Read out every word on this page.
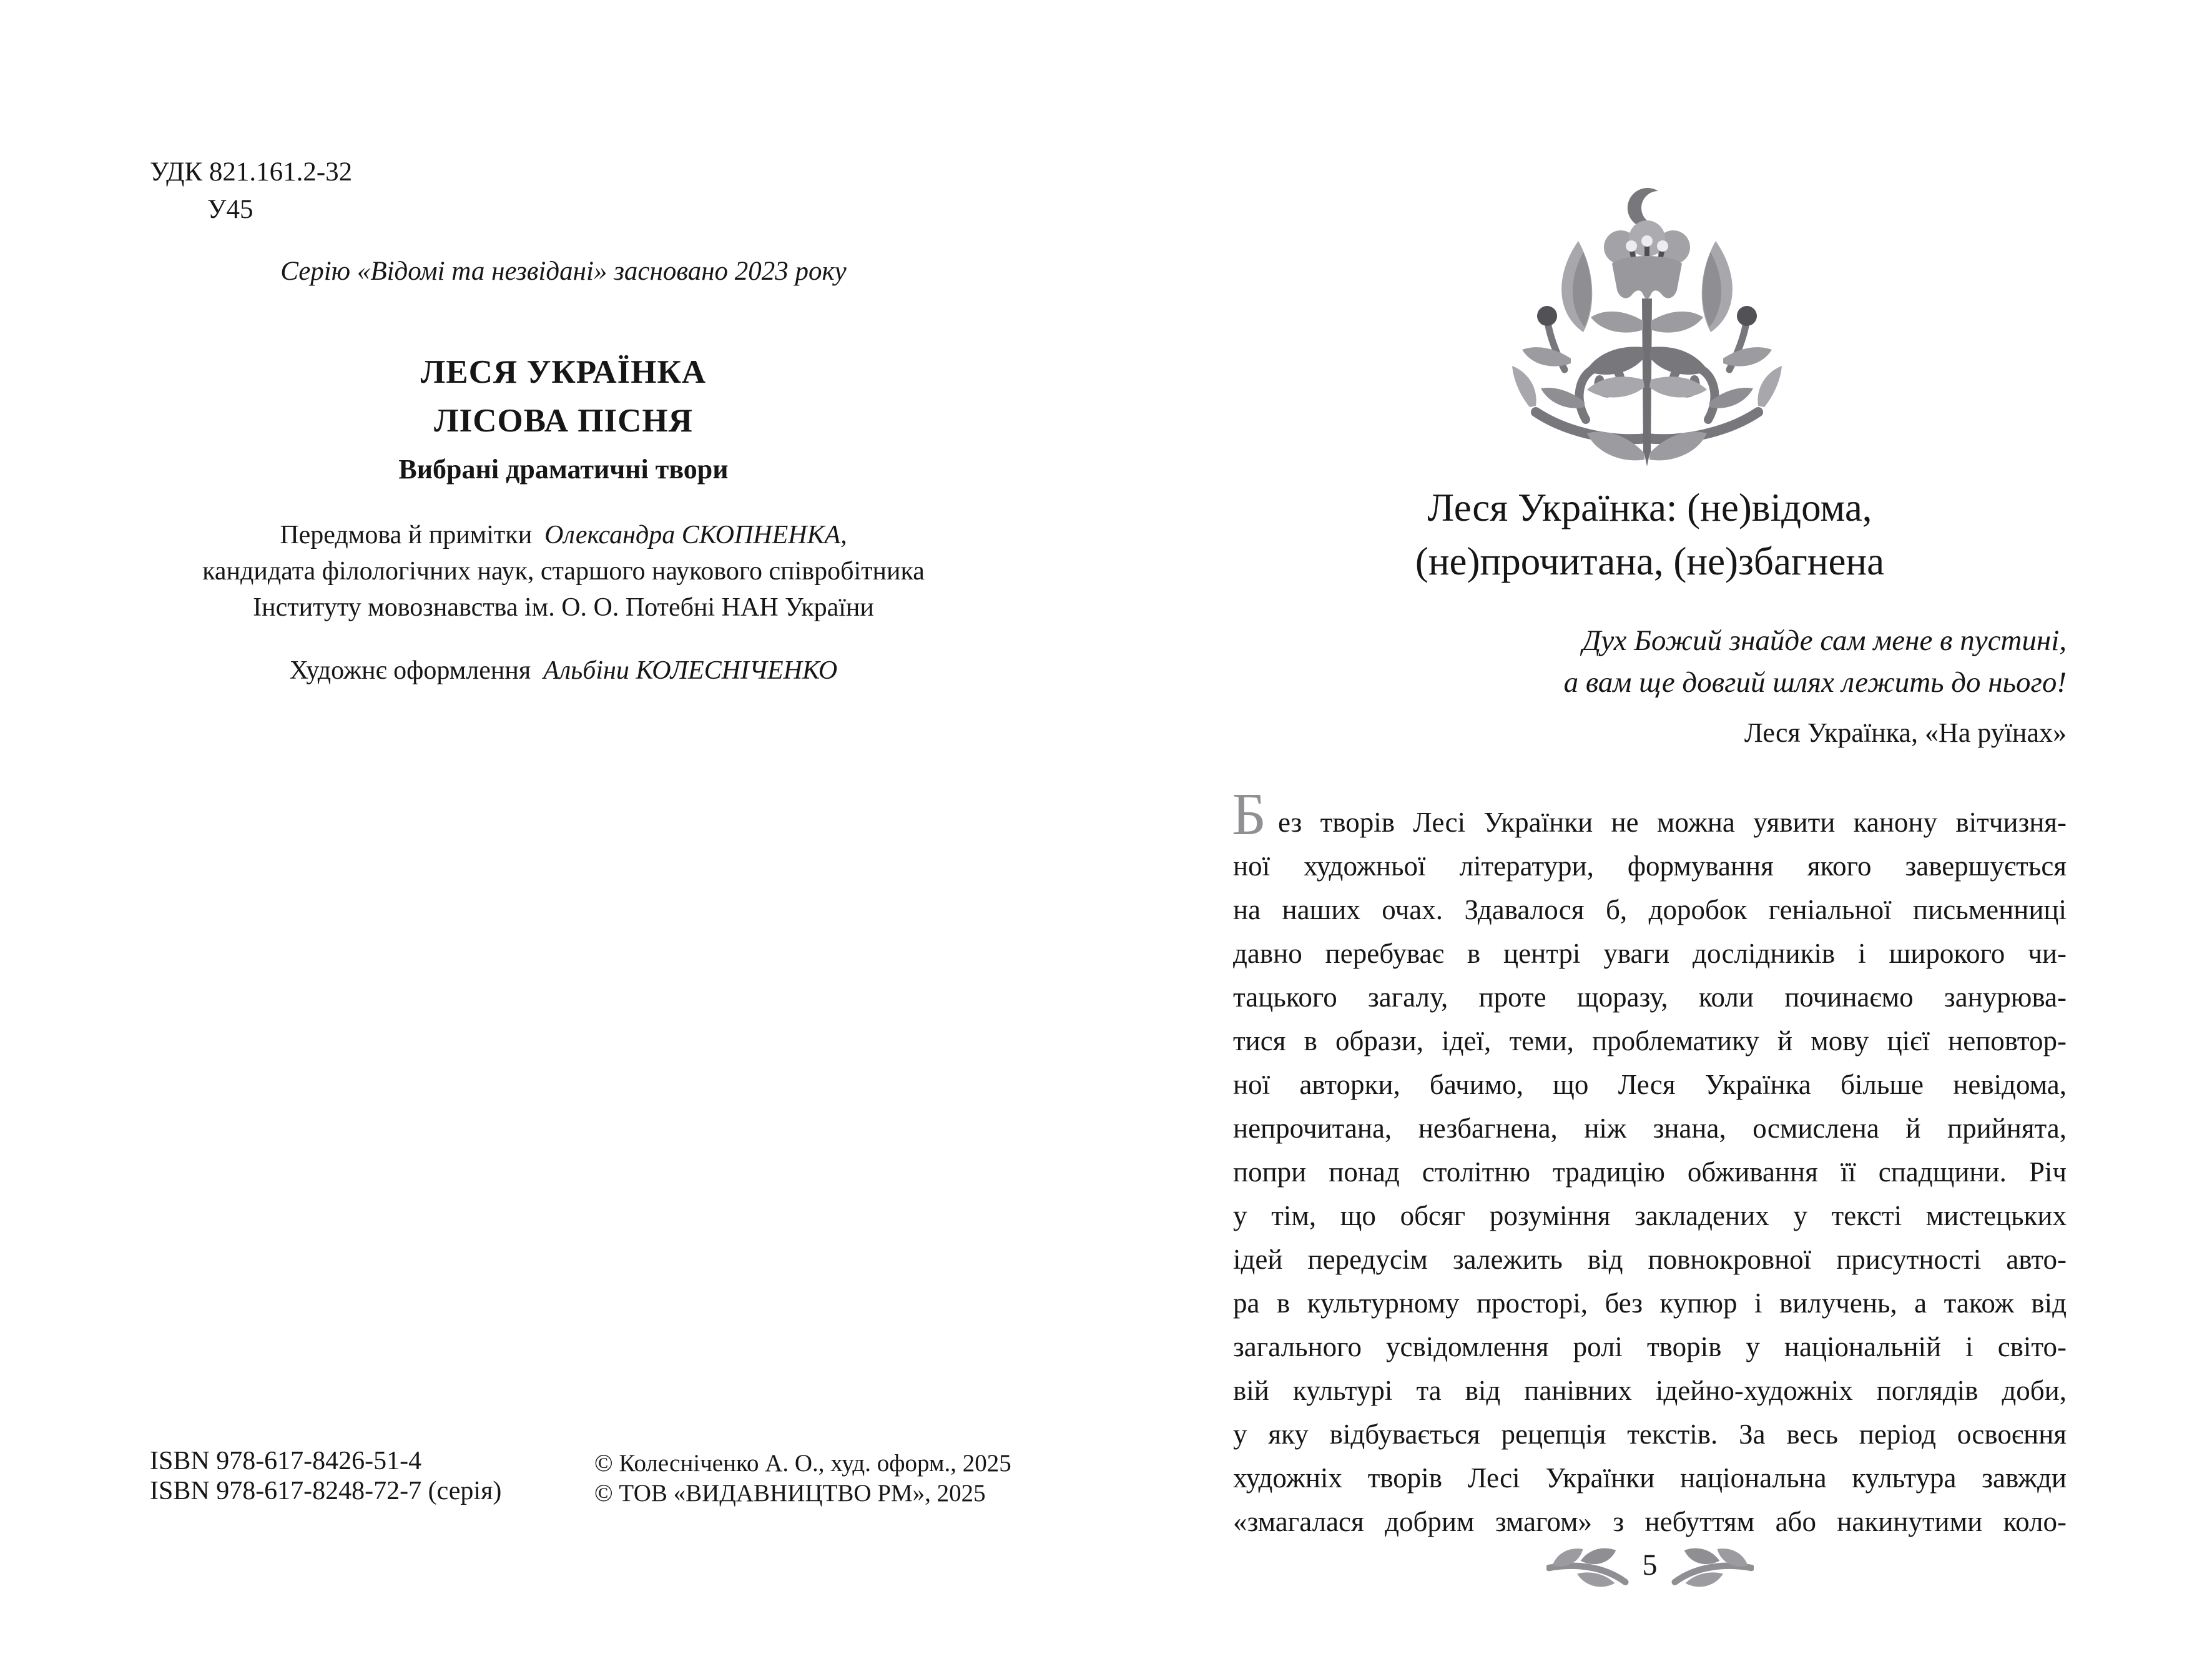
УДК 821.161.2-32
У45
Серію «Відомі та незвідані» засновано 2023 року
ЛЕСЯ УКРАЇНКА
ЛІСОВА ПІСНЯ
Вибрані драматичні твори
Передмова й примітки Олександра СКОПНЕНКА,
кандидата філологічних наук, старшого наукового співробітника
Інституту мовознавства ім. О. О. Потебні НАН України
Художнє оформлення Альбіни КОЛЕСНІЧЕНКО
ISBN 978-617-8426-51-4
ISBN 978-617-8248-72-7 (серія)
© Колесніченко А. О., худ. оформ., 2025
© ТОВ «ВИДАВНИЦТВО РМ», 2025
Леся Українка: (не)відома,
(не)прочитана, (не)збагнена
Дух Божий знайде сам мене в пустині,
а вам ще довгий шлях лежить до нього!
Леся Українка, «На руїнах»
Б ез творів Лесі Українки не можна уявити канону вітчизня-
ної художньої літератури, формування якого завершується
на наших очах. Здавалося б, доробок геніальної письменниці
давно перебуває в центрі уваги дослідників і широкого чи-
тацького загалу, проте щоразу, коли починаємо занурюва-
тися в образи, ідеї, теми, проблематику й мову цієї неповтор-
ної авторки, бачимо, що Леся Українка більше невідома,
непрочитана, незбагнена, ніж знана, осмислена й прийнята,
попри понад столітню традицію обживання її спадщини. Річ
у тім, що обсяг розуміння закладених у тексті мистецьких
ідей передусім залежить від повнокровної присутності авто-
ра в культурному просторі, без купюр і вилучень, а також від
загального усвідомлення ролі творів у національній і світо-
вій культурі та від панівних ідейно-художніх поглядів доби,
у яку відбувається рецепція текстів. За весь період освоєння
художніх творів Лесі Українки національна культура завжди
«змагалася добрим змагом» з небуттям або накинутими коло-
5
